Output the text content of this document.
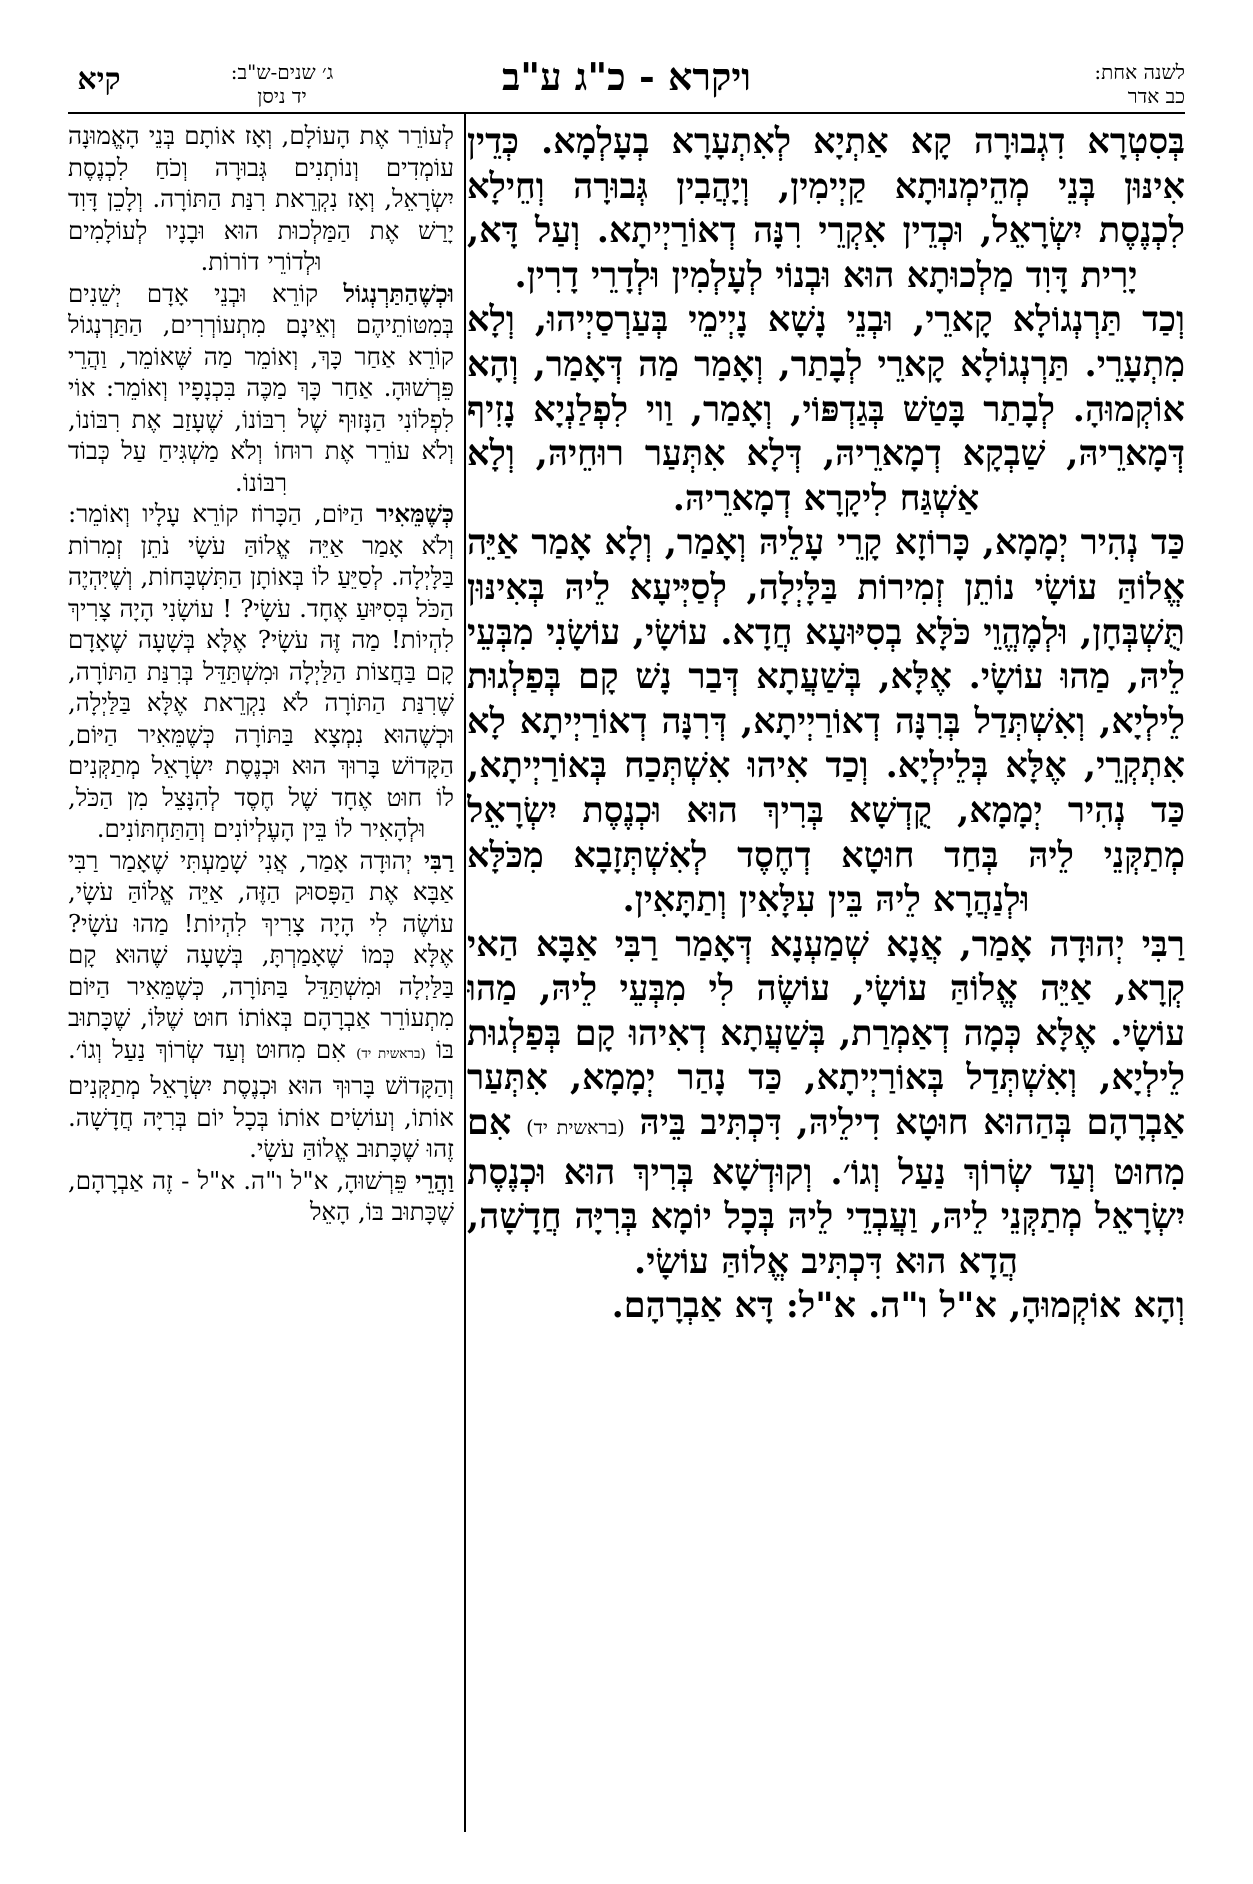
לשנה אחת:
כב אדר
ויקרא - כ"ג ע"ב
ג׳ שנים-ש"ב:
יד ניסן
קיא

בְּסִטְרָא דִגְבוּרָה קָא אַתְיָא לְאִתְעָרָא בְעָלְמָא. כְּדֵין אִינּוּן בְּנֵי מְהֵימְנוּתָא קַיְימִין, וְיָהֲבִין גְּבוּרָה וְחֵילָא לִכְנֶסֶת יִשְׂרָאֵל, וּכְדֵין אִקְרֵי רִנָּה דְאוֹרַיְיתָא. וְעַל דָּא, יָרִית דָּוִד מַלְכוּתָא הוּא וּבְנוֹי לְעָלְמִין וּלְדָרֵי דָרִין.

וְכַד תַּרְנְגוֹלָא קָארֵי, וּבְנֵי נָשָׁא נָיְימֵי בְּעַרְסַיְיהוּ, וְלָא מִתְעָרֵי. תַּרְנְגוֹלָא קָארֵי לְבָתַר, וְאָמַר מַה דְּאָמַר, וְהָא אוֹקְמוּהָ. לְבָתַר בָּטַשׁ בְּגַדְפּוֹי, וְאָמַר, וַוי לִפְלַנְיָא נָזִיף דְּמָארֵיהּ, שַׁבְקָא דְמָארֵיהּ, דְּלָא אִתְּעַר רוּחֵיהּ, וְלָא אַשְׁגַּח לִיקָרָא דְמָארֵיהּ.

כַּד נְהִיר יְמָמָא, כָּרוֹזָא קָרֵי עָלֵיהּ וְאָמַר, וְלָא אָמַר אַיֵּה אֱלוֹהַּ עוֹשָׂי נוֹתֵן זְמִירוֹת בַּלָּיְלָה, לְסַיְּיעָא לֵיהּ בְּאִינּוּן תֻּשְׁבְּחָן, וּלְמֶהֱוֵי כֹּלָּא בְסִיּוּעָא חֲדָא. עוֹשָׂי, עוֹשָׂנִי מִבְּעֵי לֵיהּ, מַהוּ עוֹשָׂי. אֶלָּא, בְּשַׁעֲתָא דְּבַר נָשׁ קָם בְּפַלְגוּת לֵילְיָא, וְאִשְׁתְּדַל בְּרִנָּה דְאוֹרַיְיתָא, דְּרִנָּה דְאוֹרַיְיתָא לָא אִתְקְרֵי, אֶלָּא בְּלֵילְיָא. וְכַד אִיהוּ אִשְׁתְּכַח בְּאוֹרַיְיתָא, כַּד נְהִיר יְמָמָא, קֻדְשָׁא בְּרִיךְ הוּא וּכְנֶסֶת יִשְׂרָאֵל מְתַקְּנֵי לֵיהּ בְּחַד חוּטָא דְחֶסֶד לְאִשְׁתְּזָבָא מִכֹּלָּא וּלְנַהֲרָא לֵיהּ בֵּין עִלָּאִין וְתַתָּאִין.

רַבִּי יְהוּדָה אָמַר, אֲנָא שְׁמַעְנָא דְּאָמַר רַבִּי אַבָּא הַאי קְרָא, אַיֵּה אֱלוֹהַּ עוֹשָׂי, עוֹשֶׂה לִי מִבְּעֵי לֵיהּ, מַהוּ עוֹשָׂי. אֶלָּא כְּמָה דְאַמְרַת, בְּשַׁעֲתָא דְאִיהוּ קָם בְּפַלְגוּת לֵילְיָא, וְאִשְׁתְּדַל בְּאוֹרַיְיתָא, כַּד נָהַר יְמָמָא, אִתְּעַר אַבְרָהָם בְּהַהוּא חוּטָא דִילֵיהּ, דִּכְתִּיב בֵּיהּ (בראשית יד) אִם מִחוּט וְעַד שְׂרוֹךְ נַעַל וְגוֹ׳. וְקוּדְשָׁא בְּרִיךְ הוּא וּכְנֶסֶת יִשְׂרָאֵל מְתַקְּנֵי לֵיהּ, וַעֲבְדֵי לֵיהּ בְּכָל יוֹמָא בְּרִיָּה חֲדָשָׁה, הֲדָא הוּא דִּכְתִּיב אֱלוֹהַּ עוֹשָׂי.

וְהָא אוֹקְמוּהָ, א"ל ו"ה. א"ל: דָּא אַבְרָהָם.

לְעוֹרֵר אֶת הָעוֹלָם, וְאָז אוֹתָם בְּנֵי הָאֱמוּנָה עוֹמְדִים וְנוֹתְנִים גְּבוּרָה וְכֹחַ לִכְנֶסֶת יִשְׂרָאֵל, וְאָז נִקְרֵאת רִנַּת הַתּוֹרָה. וְלָכֵן דָּוִד יָרַשׁ אֶת הַמַּלְכוּת הוּא וּבָנָיו לְעוֹלָמִים וּלְדוֹרֵי דוֹרוֹת.

וּכְשֶׁהַתַּרְנְגוֹל קוֹרֵא וּבְנֵי אָדָם יְשֵׁנִים בְּמִטּוֹתֵיהֶם וְאֵינָם מִתְעוֹרְרִים, הַתַּרְנְגוֹל קוֹרֵא אַחַר כָּךְ, וְאוֹמֵר מַה שֶּׁאוֹמֵר, וַהֲרֵי פֵּרְשׁוּהָ. אַחַר כָּךְ מַכֶּה בִּכְנָפָיו וְאוֹמֵר: אוֹי לִפְלוֹנִי הַנָּזוּף שֶׁל רִבּוֹנוֹ, שֶׁעָזַב אֶת רִבּוֹנוֹ, וְלֹא עוֹרֵר אֶת רוּחוֹ וְלֹא מַשְׁגִּיחַ עַל כְּבוֹד רִבּוֹנוֹ.

כְּשֶׁמֵּאִיר הַיּוֹם, הַכָּרוֹז קוֹרֵא עָלָיו וְאוֹמֵר: וְלֹא אָמַר אַיֵּה אֱלוֹהַּ עֹשָׂי נֹתֵן זְמִרוֹת בַּלָּיְלָה. לְסַיֵּעַ לוֹ בְּאוֹתָן הַתִּשְׁבָּחוֹת, וְשֶׁיִּהְיֶה הַכֹּל בְּסִיּוּעַ אֶחָד. עֹשָׂי? ! עוֹשָׂנִי הָיָה צָרִיךְ לִהְיוֹת! מַה זֶּה עֹשָׂי? אֶלָּא בְּשָׁעָה שֶׁאָדָם קָם בַּחֲצוֹת הַלַּיְלָה וּמִשְׁתַּדֵּל בְּרִנַּת הַתּוֹרָה, שֶׁרִנַּת הַתּוֹרָה לֹא נִקְרֵאת אֶלָּא בַּלַּיְלָה, וּכְשֶׁהוּא נִמְצָא בַּתּוֹרָה כְּשֶׁמֵּאִיר הַיּוֹם, הַקָּדוֹשׁ בָּרוּךְ הוּא וּכְנֶסֶת יִשְׂרָאֵל מְתַקְּנִים לוֹ חוּט אֶחָד שֶׁל חֶסֶד לְהִנָּצֵל מִן הַכֹּל, וּלְהָאִיר לוֹ בֵּין הָעֶלְיוֹנִים וְהַתַּחְתּוֹנִים.

רַבִּי יְהוּדָה אָמַר, אֲנִי שָׁמַעְתִּי שֶׁאָמַר רַבִּי אַבָּא אֶת הַפָּסוּק הַזֶּה, אַיֵּה אֱלוֹהַּ עֹשָׂי, עוֹשֶׂה לִי הָיָה צָרִיךְ לִהְיוֹת! מַהוּ עֹשָׂי? אֶלָּא כְּמוֹ שֶׁאָמַרְתָּ, בְּשָׁעָה שֶׁהוּא קָם בַּלַּיְלָה וּמִשְׁתַּדֵּל בַּתּוֹרָה, כְּשֶׁמֵּאִיר הַיּוֹם מִתְעוֹרֵר אַבְרָהָם בְּאוֹתוֹ חוּט שֶׁלּוֹ, שֶׁכָּתוּב בּוֹ (בראשית יד) אִם מִחוּט וְעַד שְׂרוֹךְ נַעַל וְגוֹ׳. וְהַקָּדוֹשׁ בָּרוּךְ הוּא וּכְנֶסֶת יִשְׂרָאֵל מְתַקְּנִים אוֹתוֹ, וְעוֹשִׂים אוֹתוֹ בְּכָל יוֹם בְּרִיָּה חֲדָשָׁה. זֶהוּ שֶׁכָּתוּב אֱלוֹהַּ עֹשָׂי.

וַהֲרֵי פֵּרְשׁוּהָ, א"ל ו"ה. א"ל - זֶה אַבְרָהָם, שֶׁכָּתוּב בּוֹ, הָאֵל
